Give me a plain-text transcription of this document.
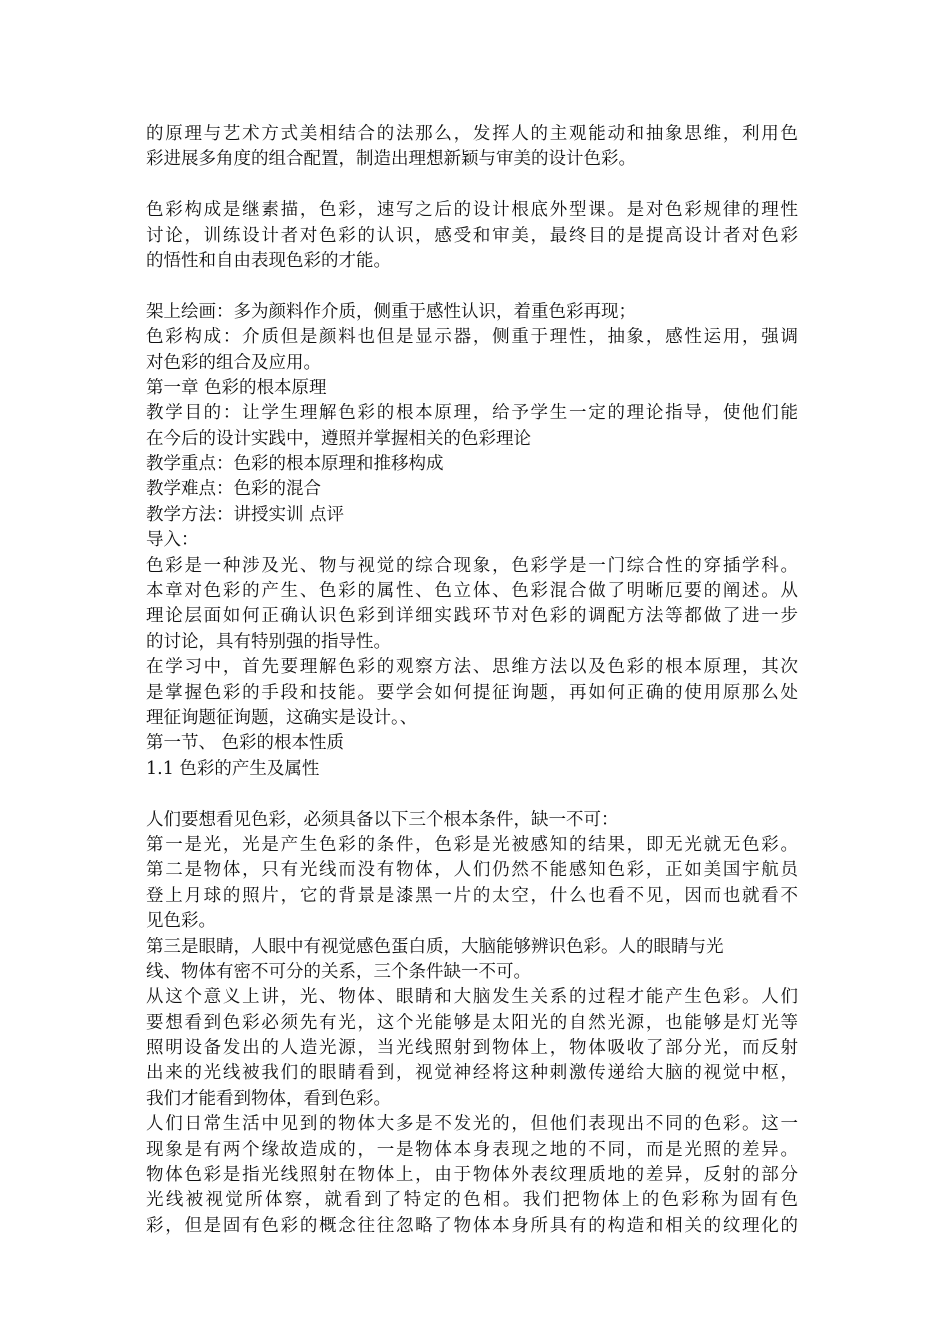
的原理与艺术方式美相结合的法那么，发挥人的主观能动和抽象思维，利用色
彩进展多角度的组合配置，制造出理想新颖与审美的设计色彩。
色彩构成是继素描，色彩，速写之后的设计根底外型课。是对色彩规律的理性
讨论，训练设计者对色彩的认识，感受和审美，最终目的是提高设计者对色彩
的悟性和自由表现色彩的才能。
架上绘画：多为颜料作介质，侧重于感性认识，着重色彩再现；
色彩构成：介质但是颜料也但是显示器，侧重于理性，抽象，感性运用，强调
对色彩的组合及应用。
第一章 色彩的根本原理
教学目的：让学生理解色彩的根本原理，给予学生一定的理论指导，使他们能
在今后的设计实践中，遵照并掌握相关的色彩理论
教学重点：色彩的根本原理和推移构成
教学难点：色彩的混合
教学方法：讲授实训 点评
导入：
色彩是一种涉及光、物与视觉的综合现象，色彩学是一门综合性的穿插学科。
本章对色彩的产生、色彩的属性、色立体、色彩混合做了明晰厄要的阐述。从
理论层面如何正确认识色彩到详细实践环节对色彩的调配方法等都做了进一步
的讨论，具有特别强的指导性。
在学习中，首先要理解色彩的观察方法、思维方法以及色彩的根本原理，其次
是掌握色彩的手段和技能。要学会如何提征询题，再如何正确的使用原那么处
理征询题征询题，这确实是设计。、
第一节、 色彩的根本性质
1.1 色彩的产生及属性
人们要想看见色彩，必须具备以下三个根本条件，缺一不可：
第一是光，光是产生色彩的条件，色彩是光被感知的结果，即无光就无色彩。
第二是物体，只有光线而没有物体，人们仍然不能感知色彩，正如美国宇航员
登上月球的照片，它的背景是漆黑一片的太空，什么也看不见，因而也就看不
见色彩。
第三是眼睛，人眼中有视觉感色蛋白质，大脑能够辨识色彩。人的眼睛与光
线、物体有密不可分的关系，三个条件缺一不可。
从这个意义上讲，光、物体、眼睛和大脑发生关系的过程才能产生色彩。人们
要想看到色彩必须先有光，这个光能够是太阳光的自然光源，也能够是灯光等
照明设备发出的人造光源，当光线照射到物体上，物体吸收了部分光，而反射
出来的光线被我们的眼睛看到，视觉神经将这种刺激传递给大脑的视觉中枢，
我们才能看到物体，看到色彩。
人们日常生活中见到的物体大多是不发光的，但他们表现出不同的色彩。这一
现象是有两个缘故造成的，一是物体本身表现之地的不同，而是光照的差异。
物体色彩是指光线照射在物体上，由于物体外表纹理质地的差异，反射的部分
光线被视觉所体察，就看到了特定的色相。我们把物体上的色彩称为固有色
彩，但是固有色彩的概念往往忽略了物体本身所具有的构造和相关的纹理化的
